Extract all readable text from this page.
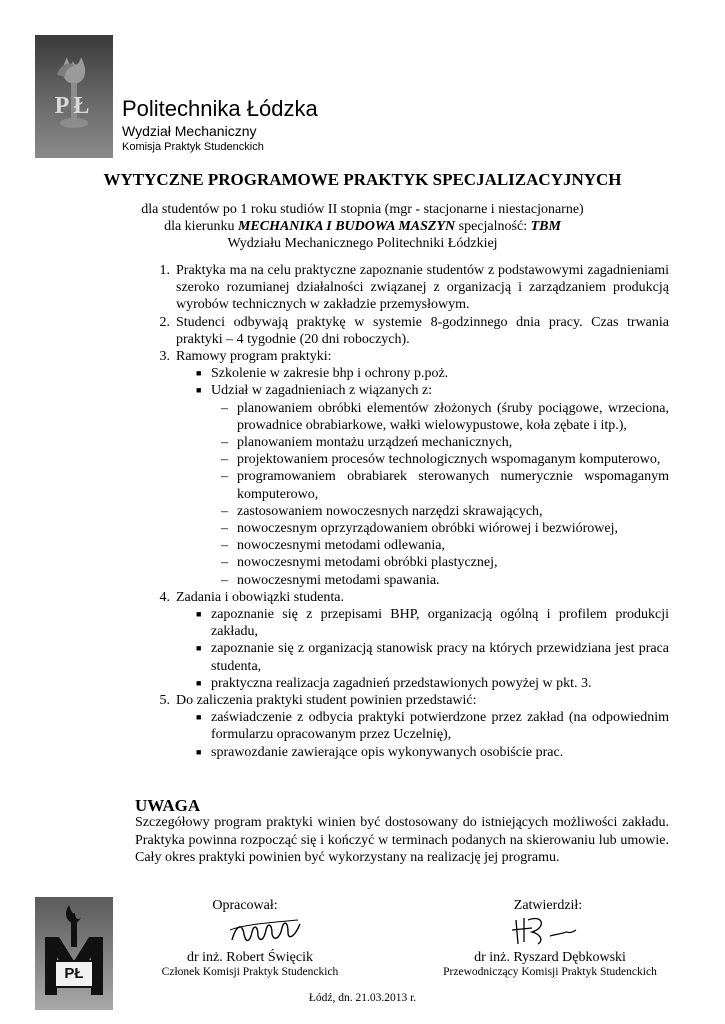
PŁ	Politechnika Łódzka
Wydział Mechaniczny
Komisja Praktyk Studenckich
WYTYCZNE PROGRAMOWE PRAKTYK SPECJALIZACYJNYCH
dla studentów po 1 roku studiów II stopnia (mgr - stacjonarne i niestacjonarne)
dla kierunku MECHANIKA I BUDOWA MASZYN specjalność: TBM
Wydziału Mechanicznego Politechniki Łódzkiej
1. Praktyka ma na celu praktyczne zapoznanie studentów z podstawowymi zagadnieniami szeroko rozumianej działalności związanej z organizacją i zarządzaniem produkcją wyrobów technicznych w zakładzie przemysłowym.
2. Studenci odbywają praktykę w systemie 8-godzinnego dnia pracy. Czas trwania praktyki – 4 tygodnie (20 dni roboczych).
3. Ramowy program praktyki:
■ Szkolenie w zakresie bhp i ochrony p.poż.
■ Udział w zagadnieniach z wiązanych z:
– planowaniem obróbki elementów złożonych (śruby pociągowe, wrzeciona, prowadnice obrabiarkowe, wałki wielowypustowe, koła zębate i itp.),
– planowaniem montażu urządzeń mechanicznych,
– projektowaniem procesów technologicznych wspomaganym komputerowo,
– programowaniem obrabiarek sterowanych numerycznie wspomaganym komputerowo,
– zastosowaniem nowoczesnych narzędzi skrawających,
– nowoczesnym oprzyrządowaniem obróbki wiórowej i bezwiórowej,
– nowoczesnymi metodami odlewania,
– nowoczesnymi metodami obróbki plastycznej,
– nowoczesnymi metodami spawania.
4. Zadania i obowiązki studenta.
■ zapoznanie się z przepisami BHP, organizacją ogólną i profilem produkcji zakładu,
■ zapoznanie się z organizacją stanowisk pracy na których przewidziana jest praca studenta,
■ praktyczna realizacja zagadnień przedstawionych powyżej w pkt. 3.
5. Do zaliczenia praktyki student powinien przedstawić:
■ zaświadczenie z odbycia praktyki potwierdzone przez zakład (na odpowiednim formularzu opracowanym przez Uczelnię),
■ sprawozdanie zawierające opis wykonywanych osobiście prac.
UWAGA
Szczegółowy program praktyki winien być dostosowany do istniejących możliwości zakładu. Praktyka powinna rozpocząć się i kończyć w terminach podanych na skierowaniu lub umowie. Cały okres praktyki powinien być wykorzystany na realizację jej programu.
PŁ
Opracował:
dr inż. Robert Święcik
Członek Komisji Praktyk Studenckich
Zatwierdził:
dr inż. Ryszard Dębkowski
Przewodniczący Komisji Praktyk Studenckich
Łódź, dn. 21.03.2013 r.
